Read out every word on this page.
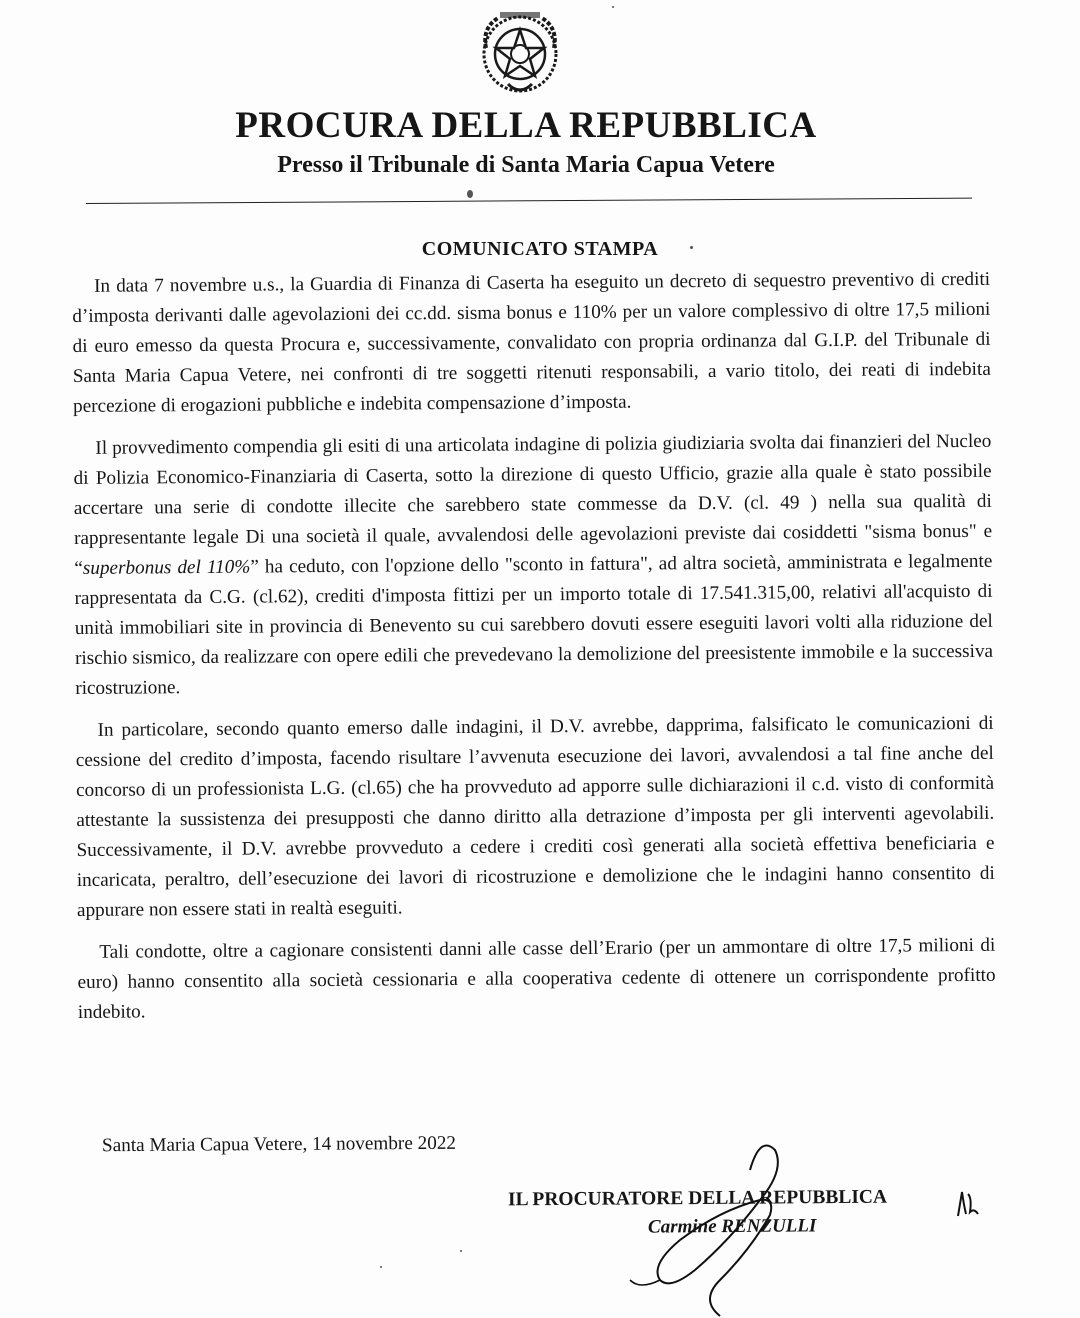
PROCURA DELLA REPUBBLICA
Presso il Tribunale di Santa Maria Capua Vetere
COMUNICATO STAMPA

In data 7 novembre u.s., la Guardia di Finanza di Caserta ha eseguito un decreto di sequestro preventivo di crediti d’imposta derivanti dalle agevolazioni dei cc.dd. sisma bonus e 110% per un valore complessivo di oltre 17,5 milioni di euro emesso da questa Procura e, successivamente, convalidato con propria ordinanza dal G.I.P. del Tribunale di Santa Maria Capua Vetere, nei confronti di tre soggetti ritenuti responsabili, a vario titolo, dei reati di indebita percezione di erogazioni pubbliche e indebita compensazione d’imposta.

Il provvedimento compendia gli esiti di una articolata indagine di polizia giudiziaria svolta dai finanzieri del Nucleo di Polizia Economico-Finanziaria di Caserta, sotto la direzione di questo Ufficio, grazie alla quale è stato possibile accertare una serie di condotte illecite che sarebbero state commesse da D.V. (cl. 49 ) nella sua qualità di rappresentante legale Di una società il quale, avvalendosi delle agevolazioni previste dai cosiddetti "sisma bonus" e “superbonus del 110%” ha ceduto, con l'opzione dello "sconto in fattura", ad altra società, amministrata e legalmente rappresentata da C.G. (cl.62), crediti d'imposta fittizi per un importo totale di 17.541.315,00, relativi all'acquisto di unità immobiliari site in provincia di Benevento su cui sarebbero dovuti essere eseguiti lavori volti alla riduzione del rischio sismico, da realizzare con opere edili che prevedevano la demolizione del preesistente immobile e la successiva ricostruzione.

In particolare, secondo quanto emerso dalle indagini, il D.V. avrebbe, dapprima, falsificato le comunicazioni di cessione del credito d’imposta, facendo risultare l’avvenuta esecuzione dei lavori, avvalendosi a tal fine anche del concorso di un professionista L.G. (cl.65) che ha provveduto ad apporre sulle dichiarazioni il c.d. visto di conformità attestante la sussistenza dei presupposti che danno diritto alla detrazione d’imposta per gli interventi agevolabili. Successivamente, il D.V. avrebbe provveduto a cedere i crediti così generati alla società effettiva beneficiaria e incaricata, peraltro, dell’esecuzione dei lavori di ricostruzione e demolizione che le indagini hanno consentito di appurare non essere stati in realtà eseguiti.

Tali condotte, oltre a cagionare consistenti danni alle casse dell’Erario (per un ammontare di oltre 17,5 milioni di euro) hanno consentito alla società cessionaria e alla cooperativa cedente di ottenere un corrispondente profitto indebito.

Santa Maria Capua Vetere, 14 novembre 2022
IL PROCURATORE DELLA REPUBBLICA
Carmine RENZULLI
